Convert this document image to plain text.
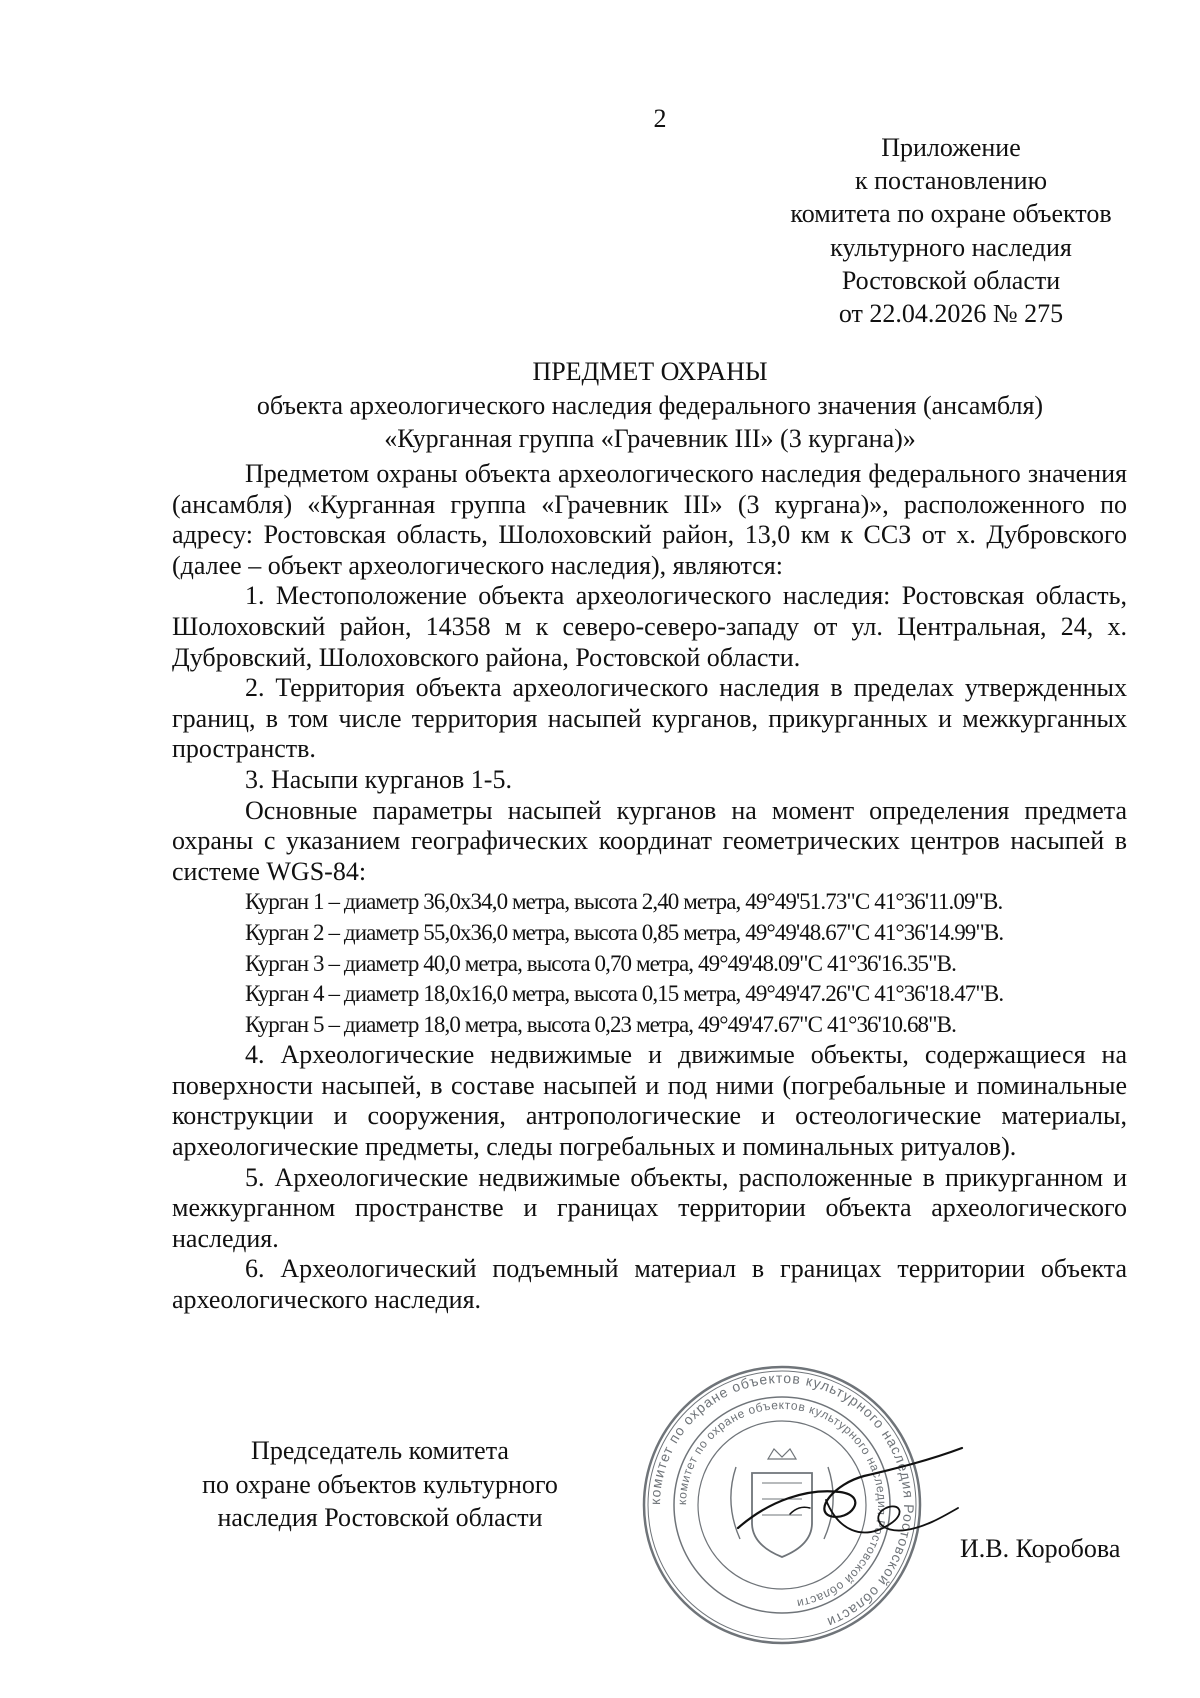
2
Приложение
к постановлению
комитета по охране объектов
культурного наследия
Ростовской области
от 22.04.2026 № 275
ПРЕДМЕТ ОХРАНЫ
объекта археологического наследия федерального значения (ансамбля)
«Курганная группа «Грачевник III» (3 кургана)»

Предметом охраны объекта археологического наследия федерального значения (ансамбля) «Курганная группа «Грачевник III» (3 кургана)», расположенного по адресу: Ростовская область, Шолоховский район, 13,0 км к ССЗ от х. Дубровского (далее – объект археологического наследия), являются:

1. Местоположение объекта археологического наследия: Ростовская область, Шолоховский район, 14358 м к северо-северо-западу от ул. Центральная, 24, х. Дубровский, Шолоховского района, Ростовской области.

2. Территория объекта археологического наследия в пределах утвержденных границ, в том числе территория насыпей курганов, прикурганных и межкурганных пространств.

3. Насыпи курганов 1-5.

Основные параметры насыпей курганов на момент определения предмета охраны с указанием географических координат геометрических центров насыпей в системе WGS-84:

Курган 1 – диаметр 36,0x34,0 метра, высота 2,40 метра, 49°49'51.73"С 41°36'11.09"В.
Курган 2 – диаметр 55,0x36,0 метра, высота 0,85 метра, 49°49'48.67"С 41°36'14.99"В.
Курган 3 – диаметр 40,0 метра, высота 0,70 метра, 49°49'48.09"С 41°36'16.35"В.
Курган 4 – диаметр 18,0x16,0 метра, высота 0,15 метра, 49°49'47.26"С 41°36'18.47"В.
Курган 5 – диаметр 18,0 метра, высота 0,23 метра, 49°49'47.67"С 41°36'10.68"В.

4. Археологические недвижимые и движимые объекты, содержащиеся на поверхности насыпей, в составе насыпей и под ними (погребальные и поминальные конструкции и сооружения, антропологические и остеологические материалы, археологические предметы, следы погребальных и поминальных ритуалов).

5. Археологические недвижимые объекты, расположенные в прикурганном и межкурганном пространстве и границах территории объекта археологического наследия.

6. Археологический подъемный материал в границах территории объекта археологического наследия.

Председатель комитета
по охране объектов культурного
наследия Ростовской области
комитет по охране объектов культурного наследия Ростовской области
комитет по охране объектов культурного наследия Ростовской области
И.В. Коробова
